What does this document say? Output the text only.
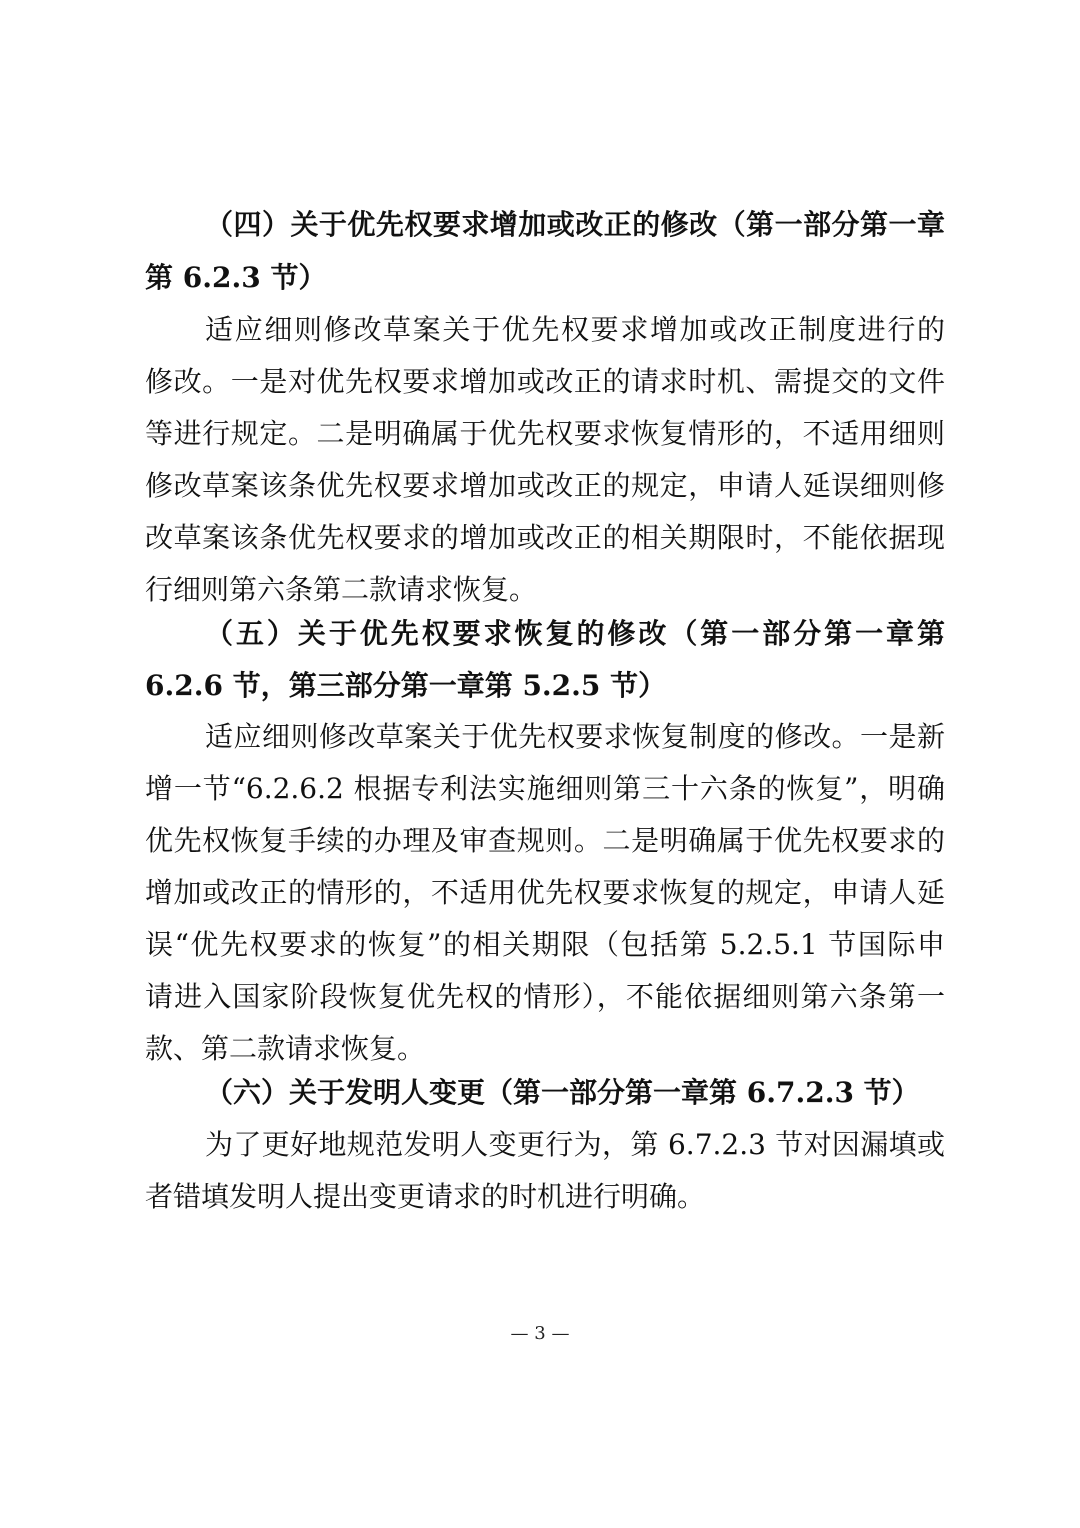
（四）关于优先权要求增加或改正的修改（第一部分第一章
第 6.2.3 节）
适应细则修改草案关于优先权要求增加或改正制度进行的
修改。一是对优先权要求增加或改正的请求时机、需提交的文件
等进行规定。二是明确属于优先权要求恢复情形的，不适用细则
修改草案该条优先权要求增加或改正的规定，申请人延误细则修
改草案该条优先权要求的增加或改正的相关期限时，不能依据现
行细则第六条第二款请求恢复。
（五）关于优先权要求恢复的修改（第一部分第一章第
6.2.6 节，第三部分第一章第 5.2.5 节）
适应细则修改草案关于优先权要求恢复制度的修改。一是新
增一节“6.2.6.2 根据专利法实施细则第三十六条的恢复”，明确
优先权恢复手续的办理及审查规则。二是明确属于优先权要求的
增加或改正的情形的，不适用优先权要求恢复的规定，申请人延
误“优先权要求的恢复”的相关期限（包括第 5.2.5.1 节国际申
请进入国家阶段恢复优先权的情形），不能依据细则第六条第一
款、第二款请求恢复。
（六）关于发明人变更（第一部分第一章第 6.7.2.3 节）
为了更好地规范发明人变更行为，第 6.7.2.3 节对因漏填或
者错填发明人提出变更请求的时机进行明确。
— 3 —
